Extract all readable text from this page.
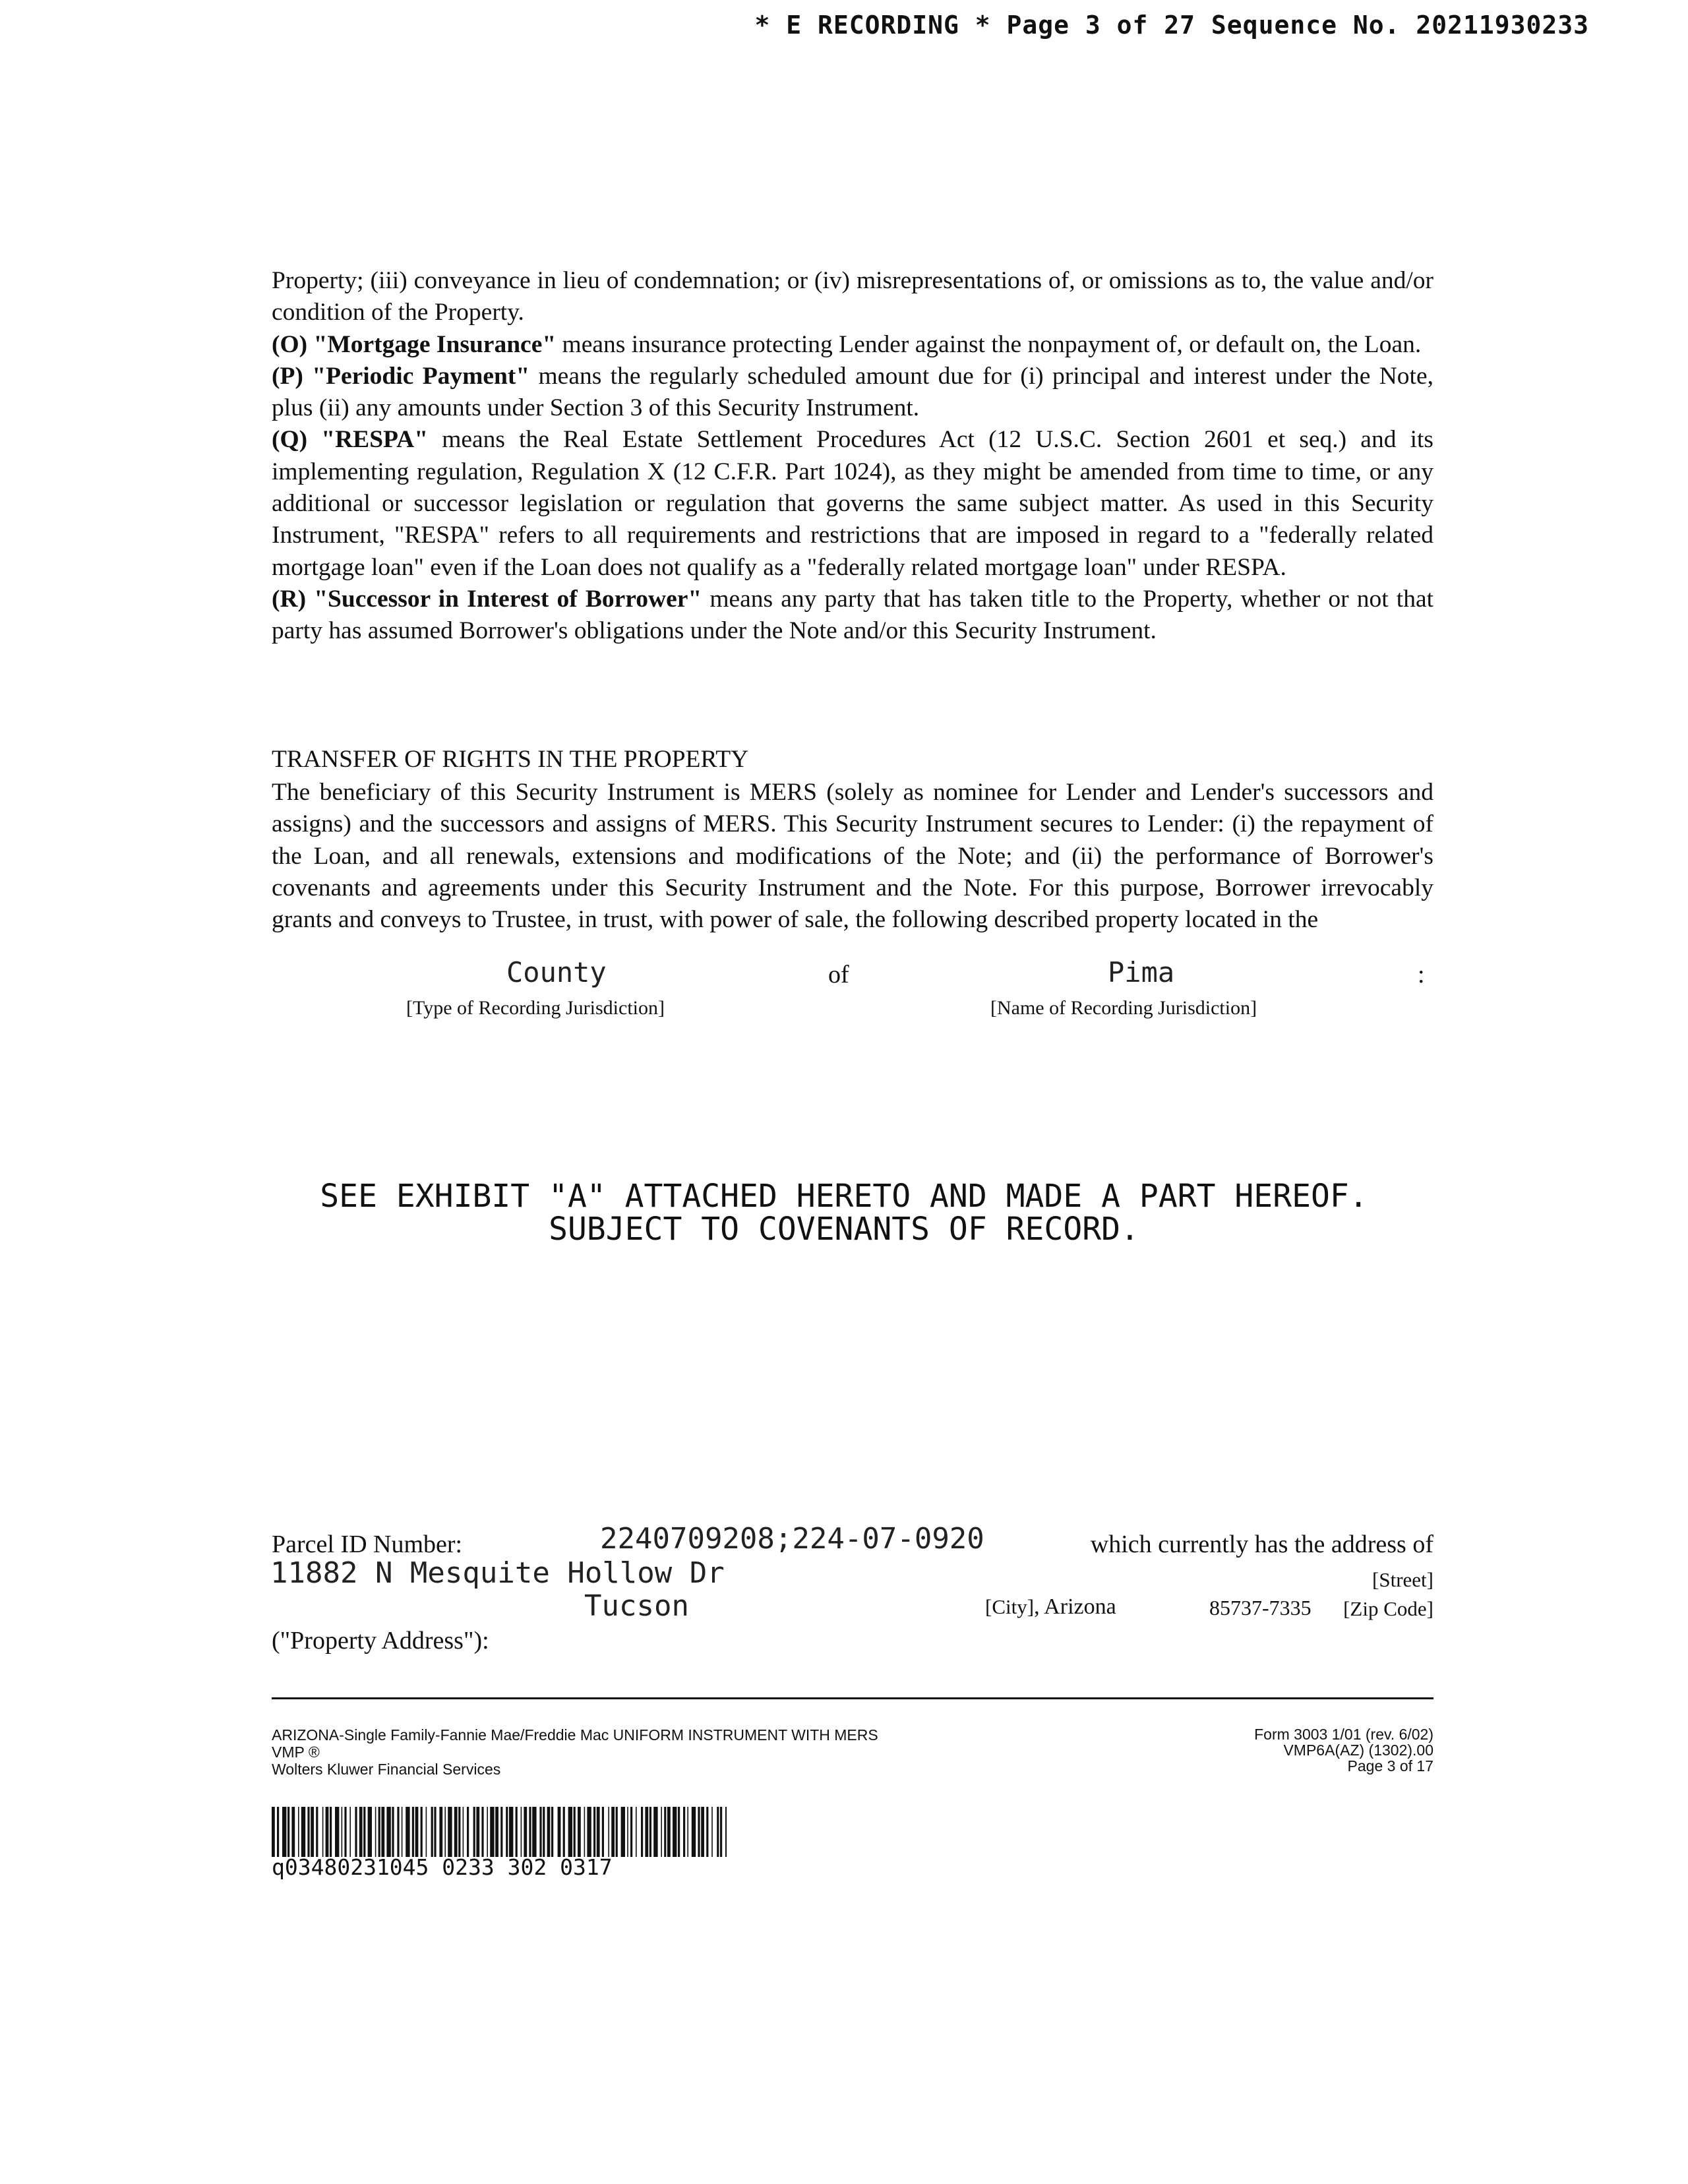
* E RECORDING * Page 3 of 27 Sequence No. 20211930233

Property; (iii) conveyance in lieu of condemnation; or (iv) misrepresentations of, or omissions as to, the value and/or condition of the Property.

(O) "Mortgage Insurance" means insurance protecting Lender against the nonpayment of, or default on, the Loan.

(P) "Periodic Payment" means the regularly scheduled amount due for (i) principal and interest under the Note, plus (ii) any amounts under Section 3 of this Security Instrument.

(Q) "RESPA" means the Real Estate Settlement Procedures Act (12 U.S.C. Section 2601 et seq.) and its implementing regulation, Regulation X (12 C.F.R. Part 1024), as they might be amended from time to time, or any additional or successor legislation or regulation that governs the same subject matter. As used in this Security Instrument, "RESPA" refers to all requirements and restrictions that are imposed in regard to a "federally related mortgage loan" even if the Loan does not qualify as a "federally related mortgage loan" under RESPA.

(R) "Successor in Interest of Borrower" means any party that has taken title to the Property, whether or not that party has assumed Borrower's obligations under the Note and/or this Security Instrument.

TRANSFER OF RIGHTS IN THE PROPERTY

The beneficiary of this Security Instrument is MERS (solely as nominee for Lender and Lender's successors and assigns) and the successors and assigns of MERS. This Security Instrument secures to Lender: (i) the repayment of the Loan, and all renewals, extensions and modifications of the Note; and (ii) the performance of Borrower's covenants and agreements under this Security Instrument and the Note. For this purpose, Borrower irrevocably grants and conveys to Trustee, in trust, with power of sale, the following described property located in the

County	of	Pima	:
[Type of Recording Jurisdiction]	[Name of Recording Jurisdiction]
SEE EXHIBIT "A" ATTACHED HERETO AND MADE A PART HEREOF.
SUBJECT TO COVENANTS OF RECORD.
Parcel ID Number:	2240709208;224-07-0920	which currently has the address of
11882 N Mesquite Hollow Dr	[Street]
Tucson	[City], Arizona	85737-7335 [Zip Code]
("Property Address"):
ARIZONA-Single Family-Fannie Mae/Freddie Mac UNIFORM INSTRUMENT WITH MERS
VMP ®
Wolters Kluwer Financial Services
Form 3003 1/01 (rev. 6/02)
VMP6A(AZ) (1302).00
Page 3 of 17
q03480231045 0233 302 0317
